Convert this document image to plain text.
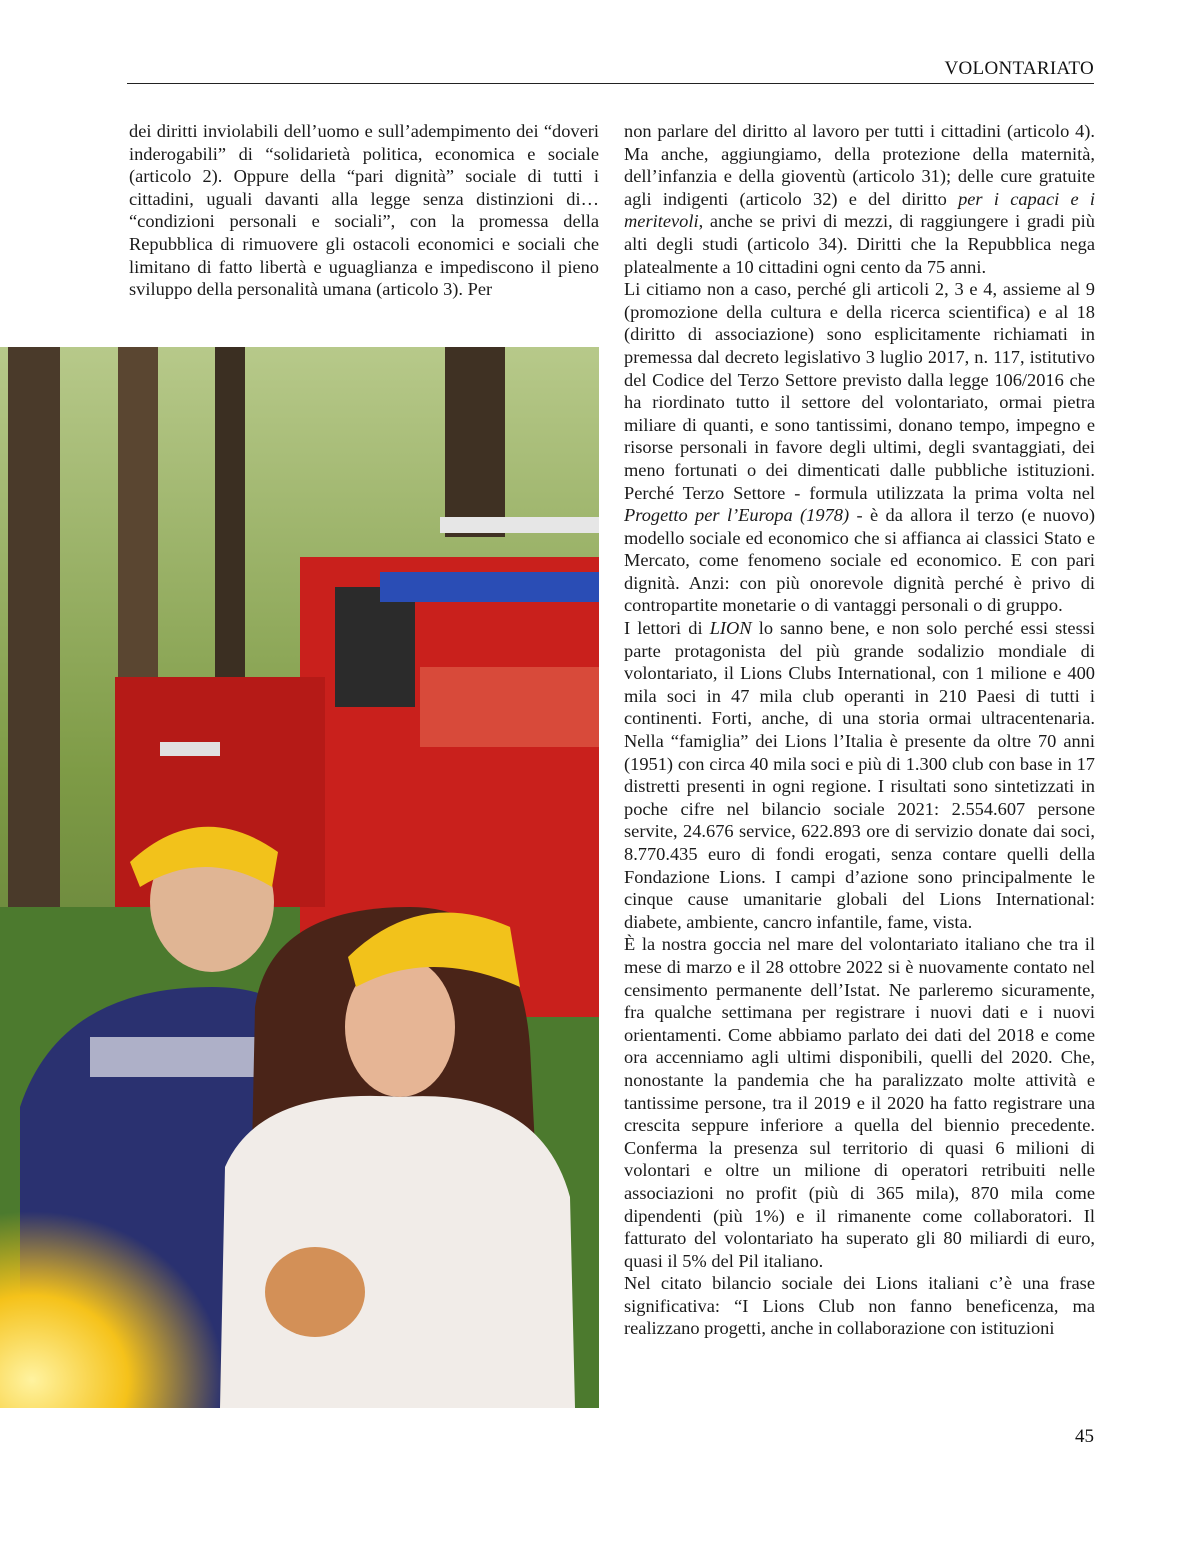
VOLONTARIATO

dei diritti inviolabili dell’uomo e sull’adempimento dei “doveri inderogabili” di “solidarietà politica, economica e sociale (articolo 2). Oppure della “pari dignità” sociale di tutti i cittadini, uguali davanti alla legge senza distinzioni di… “condizioni personali e sociali”, con la promessa della Repubblica di rimuovere gli ostacoli economici e sociali che limitano di fatto libertà e uguaglianza e impediscono il pieno sviluppo della personalità umana (articolo 3). Per

non parlare del diritto al lavoro per tutti i cittadini (articolo 4). Ma anche, aggiungiamo, della protezione della maternità, dell’infanzia e della gioventù (articolo 31); delle cure gratuite agli indigenti (articolo 32) e del diritto per i capaci e i meritevoli, anche se privi di mezzi, di raggiungere i gradi più alti degli studi (articolo 34). Diritti che la Repubblica nega platealmente a 10 cittadini ogni cento da 75 anni.

Li citiamo non a caso, perché gli articoli 2, 3 e 4, assieme al 9 (promozione della cultura e della ricerca scientifica) e al 18 (diritto di associazione) sono esplicitamente richiamati in premessa dal decreto legislativo 3 luglio 2017, n. 117, istitutivo del Codice del Terzo Settore previsto dalla legge 106/2016 che ha riordinato tutto il settore del volontariato, ormai pietra miliare di quanti, e sono tantissimi, donano tempo, impegno e risorse personali in favore degli ultimi, degli svantaggiati, dei meno fortunati o dei dimenticati dalle pubbliche istituzioni. Perché Terzo Settore - formula utilizzata la prima volta nel Progetto per l’Europa (1978) - è da allora il terzo (e nuovo) modello sociale ed economico che si affianca ai classici Stato e Mercato, come fenomeno sociale ed economico. E con pari dignità. Anzi: con più onorevole dignità perché è privo di contropartite monetarie o di vantaggi personali o di gruppo.

I lettori di LION lo sanno bene, e non solo perché essi stessi parte protagonista del più grande sodalizio mondiale di volontariato, il Lions Clubs International, con 1 milione e 400 mila soci in 47 mila club operanti in 210 Paesi di tutti i continenti. Forti, anche, di una storia ormai ultracentenaria. Nella “famiglia” dei Lions l’Italia è presente da oltre 70 anni (1951) con circa 40 mila soci e più di 1.300 club con base in 17 distretti presenti in ogni regione. I risultati sono sintetizzati in poche cifre nel bilancio sociale 2021: 2.554.607 persone servite, 24.676 service, 622.893 ore di servizio donate dai soci, 8.770.435 euro di fondi erogati, senza contare quelli della Fondazione Lions. I campi d’azione sono principalmente le cinque cause umanitarie globali del Lions International: diabete, ambiente, cancro infantile, fame, vista.

È la nostra goccia nel mare del volontariato italiano che tra il mese di marzo e il 28 ottobre 2022 si è nuovamente contato nel censimento permanente dell’Istat. Ne parleremo sicuramente, fra qualche settimana per registrare i nuovi dati e i nuovi orientamenti. Come abbiamo parlato dei dati del 2018 e come ora accenniamo agli ultimi disponibili, quelli del 2020. Che, nonostante la pandemia che ha paralizzato molte attività e tantissime persone, tra il 2019 e il 2020 ha fatto registrare una crescita seppure inferiore a quella del biennio precedente. Conferma la presenza sul territorio di quasi 6 milioni di volontari e oltre un milione di operatori retribuiti nelle associazioni no profit (più di 365 mila), 870 mila come dipendenti (più 1%) e il rimanente come collaboratori. Il fatturato del volontariato ha superato gli 80 miliardi di euro, quasi il 5% del Pil italiano.

Nel citato bilancio sociale dei Lions italiani c’è una frase significativa: “I Lions Club non fanno beneficenza, ma realizzano progetti, anche in collaborazione con istituzioni

45
